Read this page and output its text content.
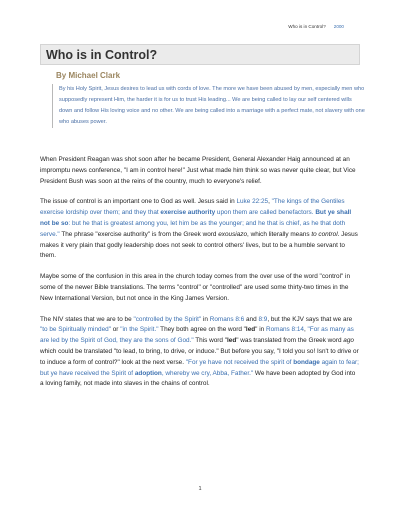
Who is in Control? 2000
Who is in Control?
By Michael Clark
By his Holy Spirit, Jesus desires to lead us with cords of love. The more we have been abused by men, especially men who supposedly represent Him, the harder it is for us to trust His leading... We are being called to lay our self centered wills down and follow His loving voice and no other. We are being called into a marriage with a perfect mate, not slavery with one who abuses power.

When President Reagan was shot soon after he became President, General Alexander Haig announced at an impromptu news conference, "I am in control here!" Just what made him think so was never quite clear, but Vice President Bush was soon at the reins of the country, much to everyone's relief.

The issue of control is an important one to God as well. Jesus said in Luke 22:25, "The kings of the Gentiles exercise lordship over them; and they that exercise authority upon them are called benefactors. But ye shall not be so: but he that is greatest among you, let him be as the younger; and he that is chief, as he that doth serve." The phrase "exercise authority" is from the Greek word exousiazo, which literally means to control. Jesus makes it very plain that godly leadership does not seek to control others' lives, but to be a humble servant to them.

Maybe some of the confusion in this area in the church today comes from the over use of the word "control" in some of the newer Bible translations. The terms "control" or "controlled" are used some thirty-two times in the New International Version, but not once in the King James Version.

The NIV states that we are to be "controlled by the Spirit" in Romans 8:6 and 8:9, but the KJV says that we are "to be Spiritually minded" or "in the Spirit." They both agree on the word "led" in Romans 8:14, "For as many as are led by the Spirit of God, they are the sons of God." This word "led" was translated from the Greek word ago which could be translated "to lead, to bring, to drive, or induce." But before you say, "I told you so! Isn't to drive or to induce a form of control?" look at the next verse. "For ye have not received the spirit of bondage again to fear; but ye have received the Spirit of adoption, whereby we cry, Abba, Father." We have been adopted by God into a loving family, not made into slaves in the chains of control.

1
